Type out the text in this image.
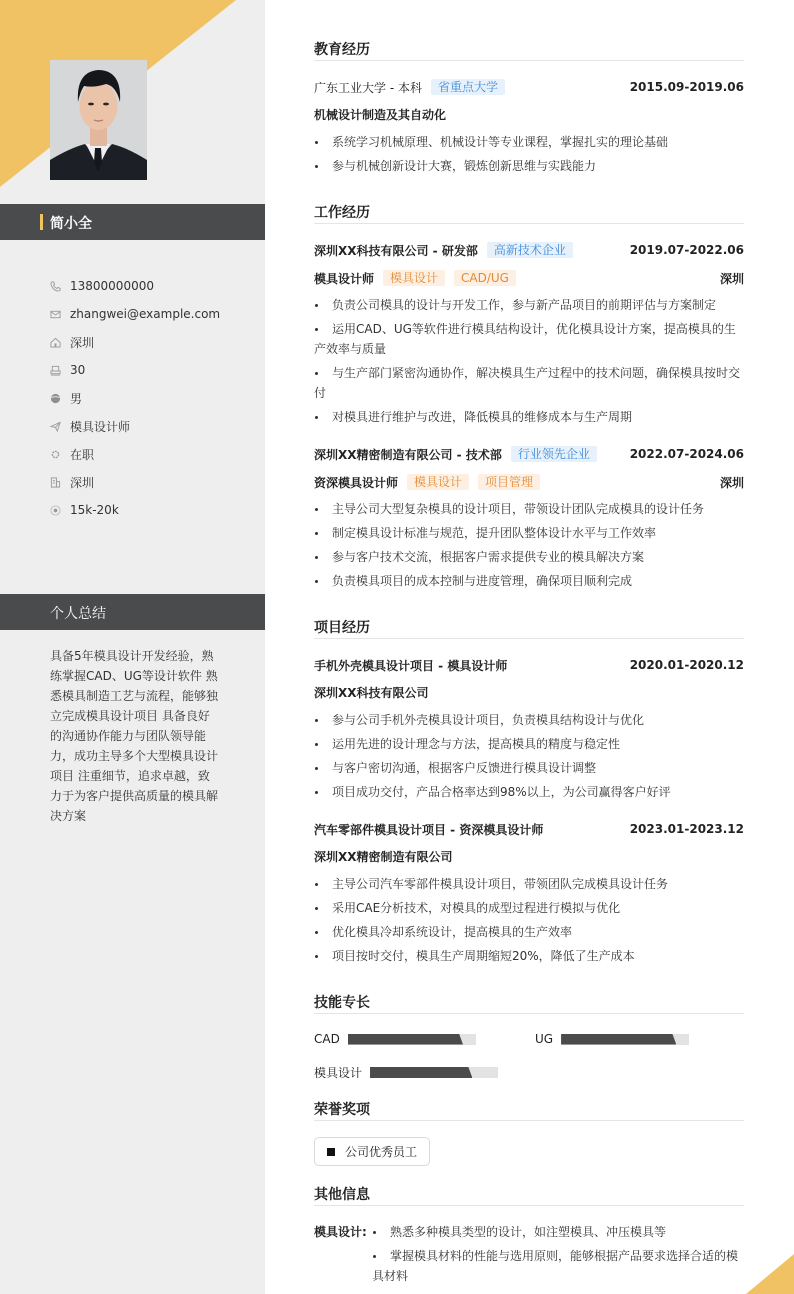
简小全
13800000000
zhangwei@example.com
深圳
30
男
模具设计师
在职
深圳
15k-20k
个人总结
具备5年模具设计开发经验，熟练掌握CAD、UG等设计软件 熟悉模具制造工艺与流程，能够独立完成模具设计项目 具备良好的沟通协作能力与团队领导能力，成功主导多个大型模具设计项目 注重细节，追求卓越，致力于为客户提供高质量的模具解决方案
教育经历
广东工业大学 - 本科	省重点大学	2015.09-2019.06
机械设计制造及其自动化
系统学习机械原理、机械设计等专业课程，掌握扎实的理论基础
参与机械创新设计大赛，锻炼创新思维与实践能力
工作经历
深圳XX科技有限公司 - 研发部	高新技术企业	2019.07-2022.06
模具设计师	模具设计	CAD/UG	深圳
负责公司模具的设计与开发工作，参与新产品项目的前期评估与方案制定
运用CAD、UG等软件进行模具结构设计，优化模具设计方案，提高模具的生产效率与质量
与生产部门紧密沟通协作，解决模具生产过程中的技术问题，确保模具按时交付
对模具进行维护与改进，降低模具的维修成本与生产周期
深圳XX精密制造有限公司 - 技术部	行业领先企业	2022.07-2024.06
资深模具设计师	模具设计	项目管理	深圳
主导公司大型复杂模具的设计项目，带领设计团队完成模具的设计任务
制定模具设计标准与规范，提升团队整体设计水平与工作效率
参与客户技术交流，根据客户需求提供专业的模具解决方案
负责模具项目的成本控制与进度管理，确保项目顺利完成
项目经历
手机外壳模具设计项目 - 模具设计师	2020.01-2020.12
深圳XX科技有限公司
参与公司手机外壳模具设计项目，负责模具结构设计与优化
运用先进的设计理念与方法，提高模具的精度与稳定性
与客户密切沟通，根据客户反馈进行模具设计调整
项目成功交付，产品合格率达到98%以上，为公司赢得客户好评
汽车零部件模具设计项目 - 资深模具设计师	2023.01-2023.12
深圳XX精密制造有限公司
主导公司汽车零部件模具设计项目，带领团队完成模具设计任务
采用CAE分析技术，对模具的成型过程进行模拟与优化
优化模具冷却系统设计，提高模具的生产效率
项目按时交付，模具生产周期缩短20%，降低了生产成本
技能专长
CAD	UG
模具设计
荣誉奖项
公司优秀员工
其他信息
模具设计:	熟悉多种模具类型的设计，如注塑模具、冲压模具等
掌握模具材料的性能与选用原则，能够根据产品要求选择合适的模具材料
